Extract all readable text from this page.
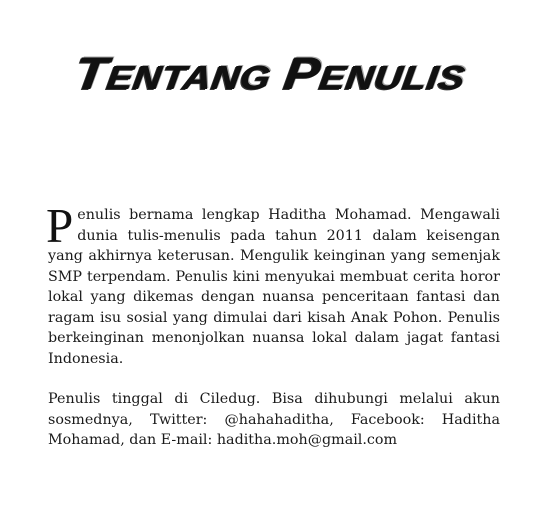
TENTANG PENULIS
P enulis bernama lengkap Haditha Mohamad. Mengawali
dunia tulis-menulis pada tahun 2011 dalam keisengan
yang akhirnya keterusan. Mengulik keinginan yang semenjak
SMP terpendam. Penulis kini menyukai membuat cerita horor
lokal yang dikemas dengan nuansa penceritaan fantasi dan
ragam isu sosial yang dimulai dari kisah Anak Pohon. Penulis
berkeinginan menonjolkan nuansa lokal dalam jagat fantasi
Indonesia.
Penulis tinggal di Ciledug. Bisa dihubungi melalui akun
sosmednya, Twitter: @hahahaditha, Facebook: Haditha
Mohamad, dan E-mail: haditha.moh@gmail.com
